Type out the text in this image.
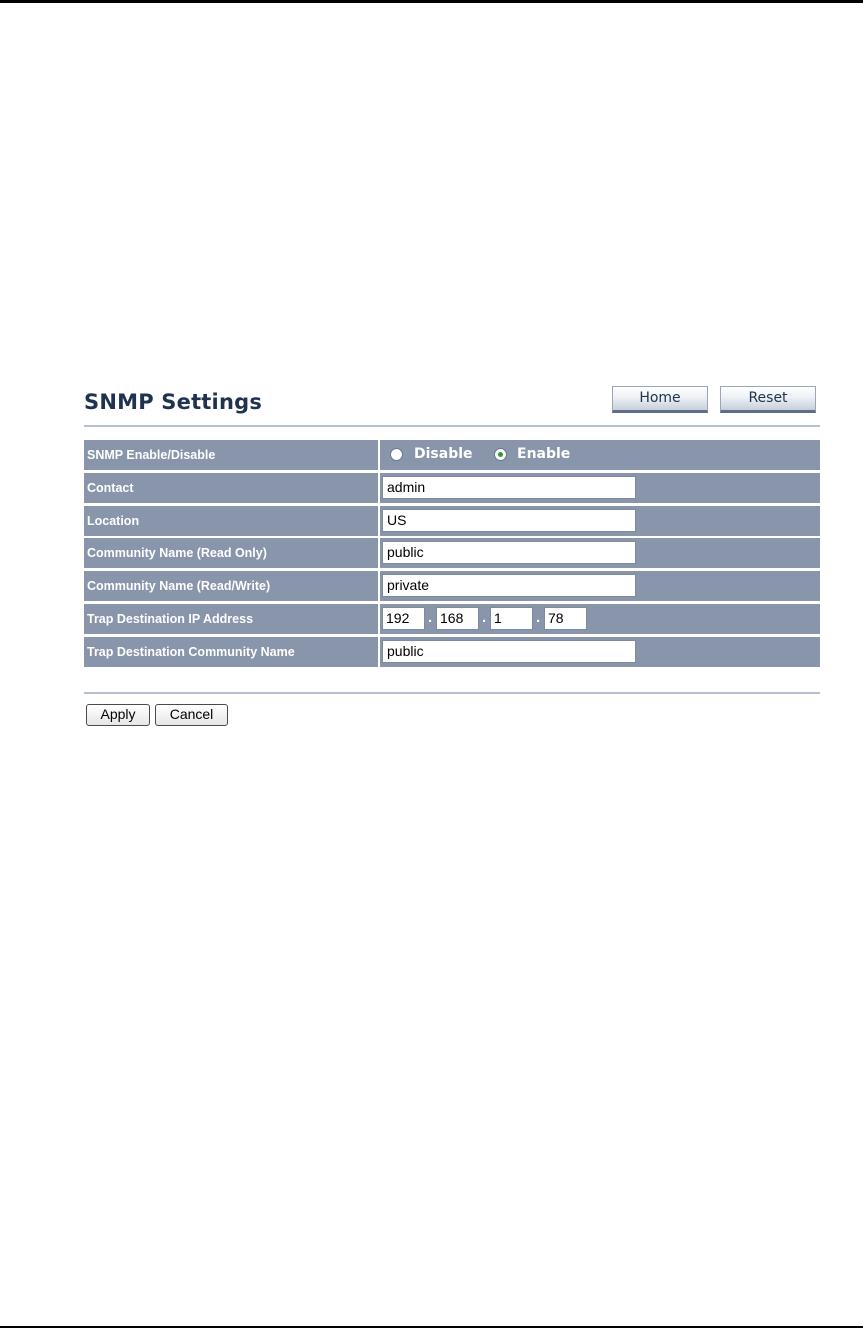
SNMP Settings	Home	Reset
SNMP Enable/Disable	Disable	Enable
Contact	admin
Location	US
Community Name (Read Only)	public
Community Name (Read/Write)	private
Trap Destination IP Address	192	. 168	. 1	. 78
Trap Destination Community Name	public
Apply	Cancel
